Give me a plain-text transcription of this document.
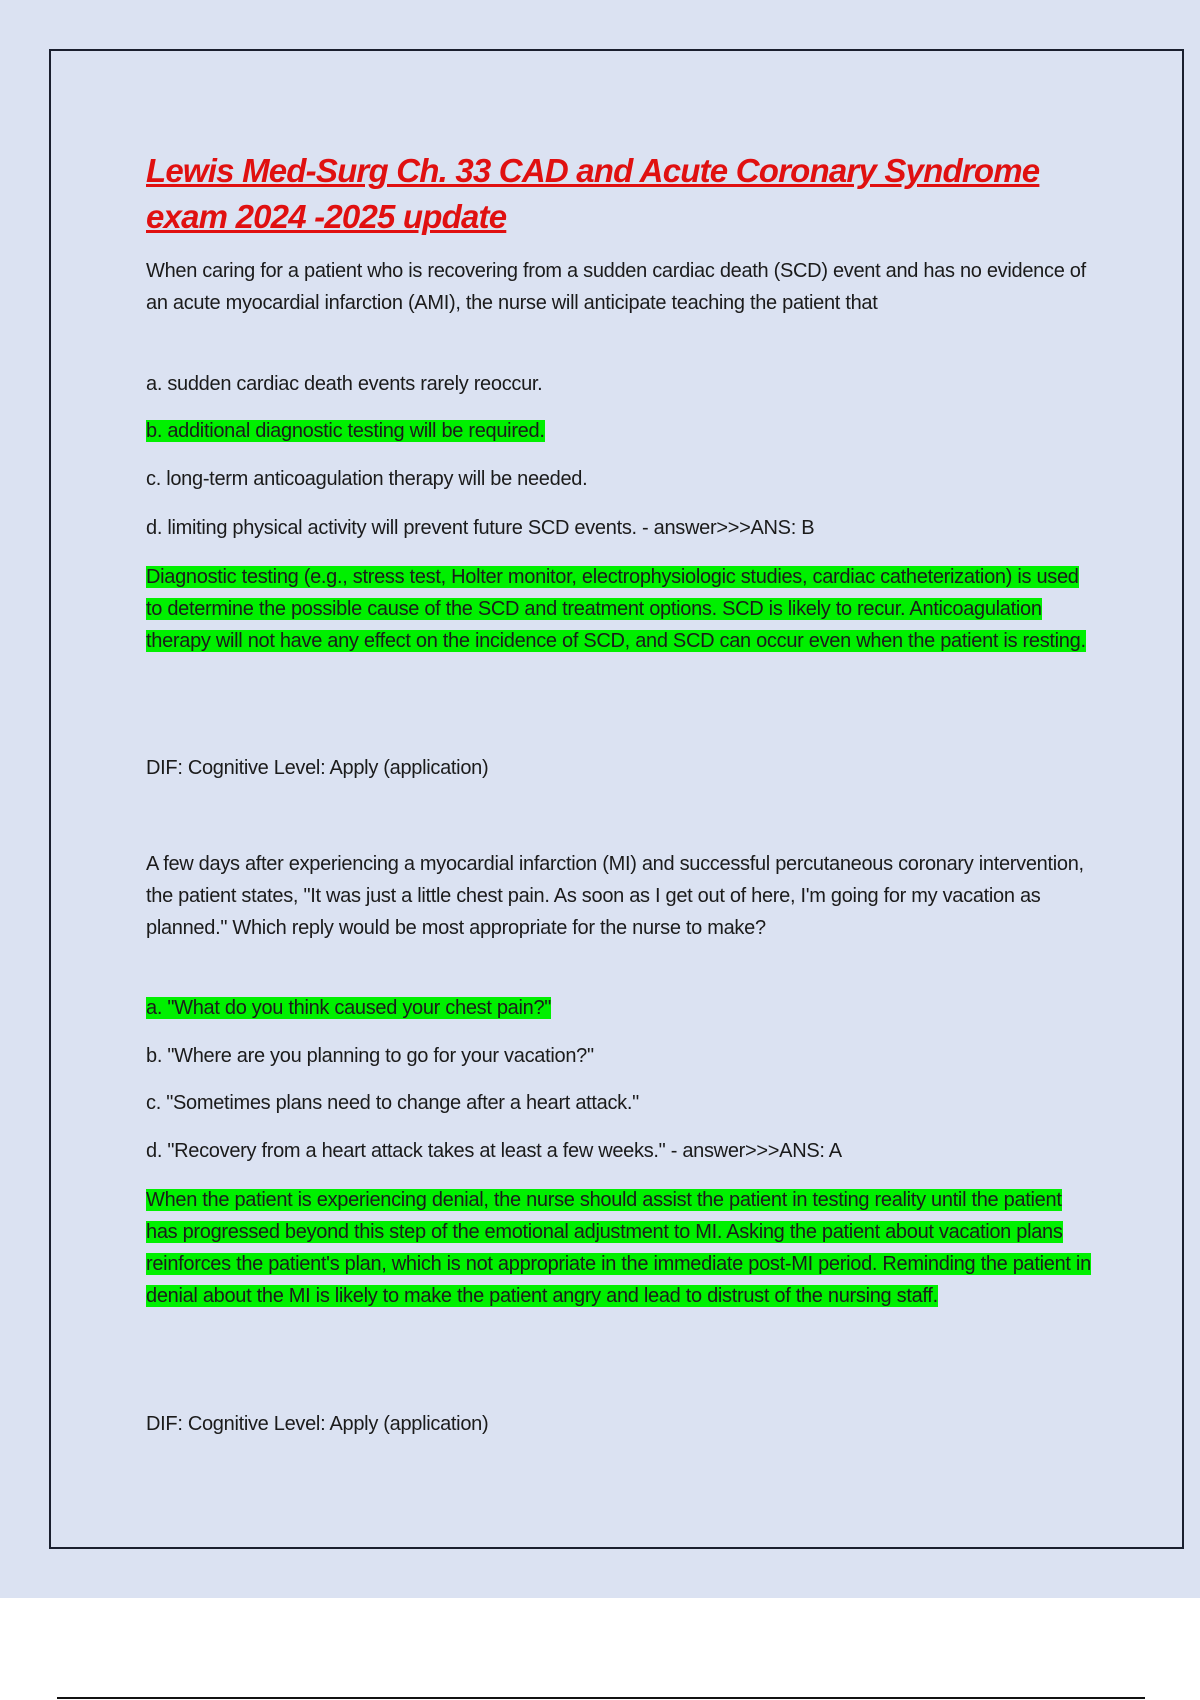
Lewis Med-Surg Ch. 33 CAD and Acute Coronary Syndrome
exam 2024 -2025 update
When caring for a patient who is recovering from a sudden cardiac death (SCD) event and has no evidence of an acute myocardial infarction (AMI), the nurse will anticipate teaching the patient that
a. sudden cardiac death events rarely reoccur.
b. additional diagnostic testing will be required.
c. long-term anticoagulation therapy will be needed.
d. limiting physical activity will prevent future SCD events. - answer>>>ANS: B
Diagnostic testing (e.g., stress test, Holter monitor, electrophysiologic studies, cardiac catheterization) is used to determine the possible cause of the SCD and treatment options. SCD is likely to recur. Anticoagulation therapy will not have any effect on the incidence of SCD, and SCD can occur even when the patient is resting.
DIF: Cognitive Level: Apply (application)
A few days after experiencing a myocardial infarction (MI) and successful percutaneous coronary intervention, the patient states, "It was just a little chest pain. As soon as I get out of here, I'm going for my vacation as planned." Which reply would be most appropriate for the nurse to make?
a. "What do you think caused your chest pain?"
b. "Where are you planning to go for your vacation?"
c. "Sometimes plans need to change after a heart attack."
d. "Recovery from a heart attack takes at least a few weeks." - answer>>>ANS: A
When the patient is experiencing denial, the nurse should assist the patient in testing reality until the patient has progressed beyond this step of the emotional adjustment to MI. Asking the patient about vacation plans reinforces the patient's plan, which is not appropriate in the immediate post-MI period. Reminding the patient in denial about the MI is likely to make the patient angry and lead to distrust of the nursing staff.
DIF: Cognitive Level: Apply (application)
